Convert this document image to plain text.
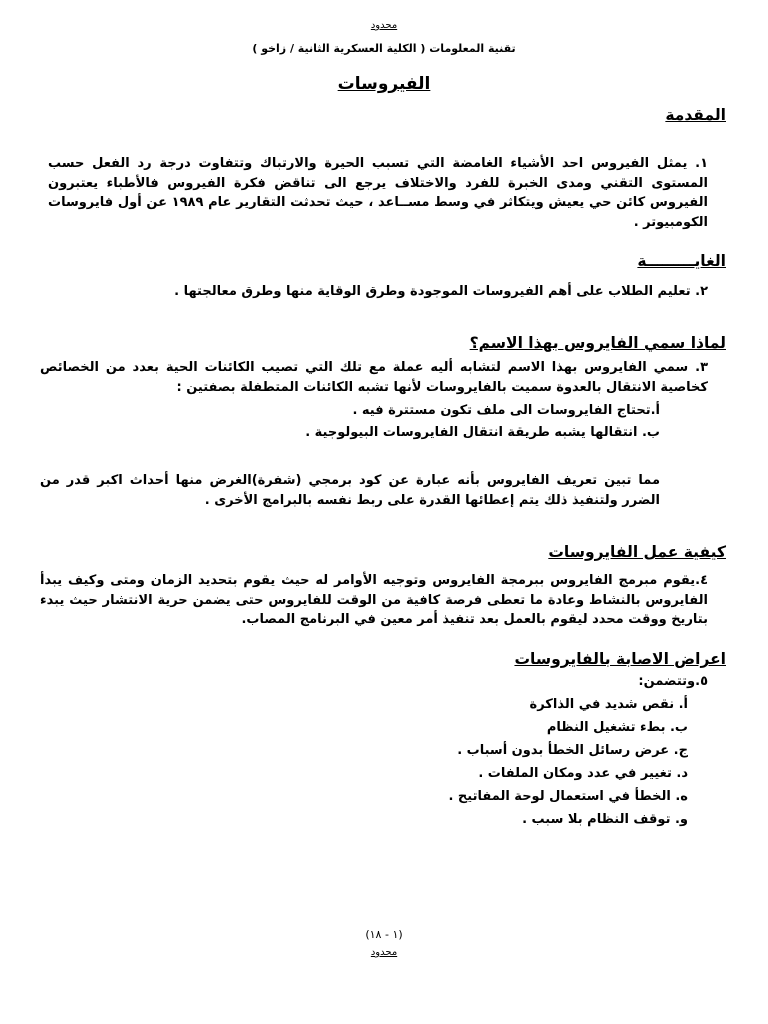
محدود
تقنية المعلومات ( الكلية العسكرية الثانية / زاخو )
الفيروسات
المقدمة

١. يمثل الفيروس احد الأشياء الغامضة التي تسبب الحيرة والارتباك وتتفاوت درجة رد الفعل حسب المستوى التقني ومدى الخبرة للفرد والاختلاف يرجع الى تناقض فكرة الفيروس فالأطباء يعتبرون الفيروس كائن حي يعيش ويتكاثر في وسط مســاعد ، حيث تحدثت التقارير عام ١٩٨٩ عن أول فايروسات الكومبيوتر .

الغايـــــــــة
٢. تعليم الطلاب على أهم الفيروسات الموجودة وطرق الوقاية منها وطرق معالجتها .
لماذا سمي الفايروس بهذا الاسم؟

٣. سمي الفايروس بهذا الاسم لتشابه أليه عملة مع تلك التي تصيب الكائنات الحية بعدد من الخصائص كخاصية الانتقال بالعدوة سميت بالفايروسات لأنها تشبه الكائنات المتطفلة بصفتين :

أ.تحتاج الفايروسات الى ملف تكون مستترة فيه .
ب. انتقالها يشبه طريقة انتقال الفايروسات البيولوجية .

مما تبين تعريف الفايروس بأنه عبارة عن كود برمجي (شفرة)الغرض منها أحداث اكبر قدر من الضرر ولتنفيذ ذلك يتم إعطائها القدرة على ربط نفسه بالبرامج الأخرى .

كيفية عمل الفايروسات

٤.يقوم مبرمج الفايروس ببرمجة الفايروس وتوجيه الأوامر له حيث يقوم بتحديد الزمان ومتى وكيف يبدأ الفايروس بالنشاط وعادة ما تعطى فرصة كافية من الوقت للفايروس حتى يضمن حرية الانتشار حيث يبدء بتاريخ ووقت محدد ليقوم بالعمل بعد تنفيذ أمر معين في البرنامج المصاب.

اعراض الاصابة بالفايروسات
٥.وتتضمن:
أ. نقص شديد في الذاكرة
ب. بطء تشغيل النظام
ج. عرض رسائل الخطأ بدون أسباب .
د. تغيير في عدد ومكان الملفات .
ه. الخطأ في استعمال لوحة المفاتيح .
و. توقف النظام بلا سبب .
(١ - ١٨)
محدود
